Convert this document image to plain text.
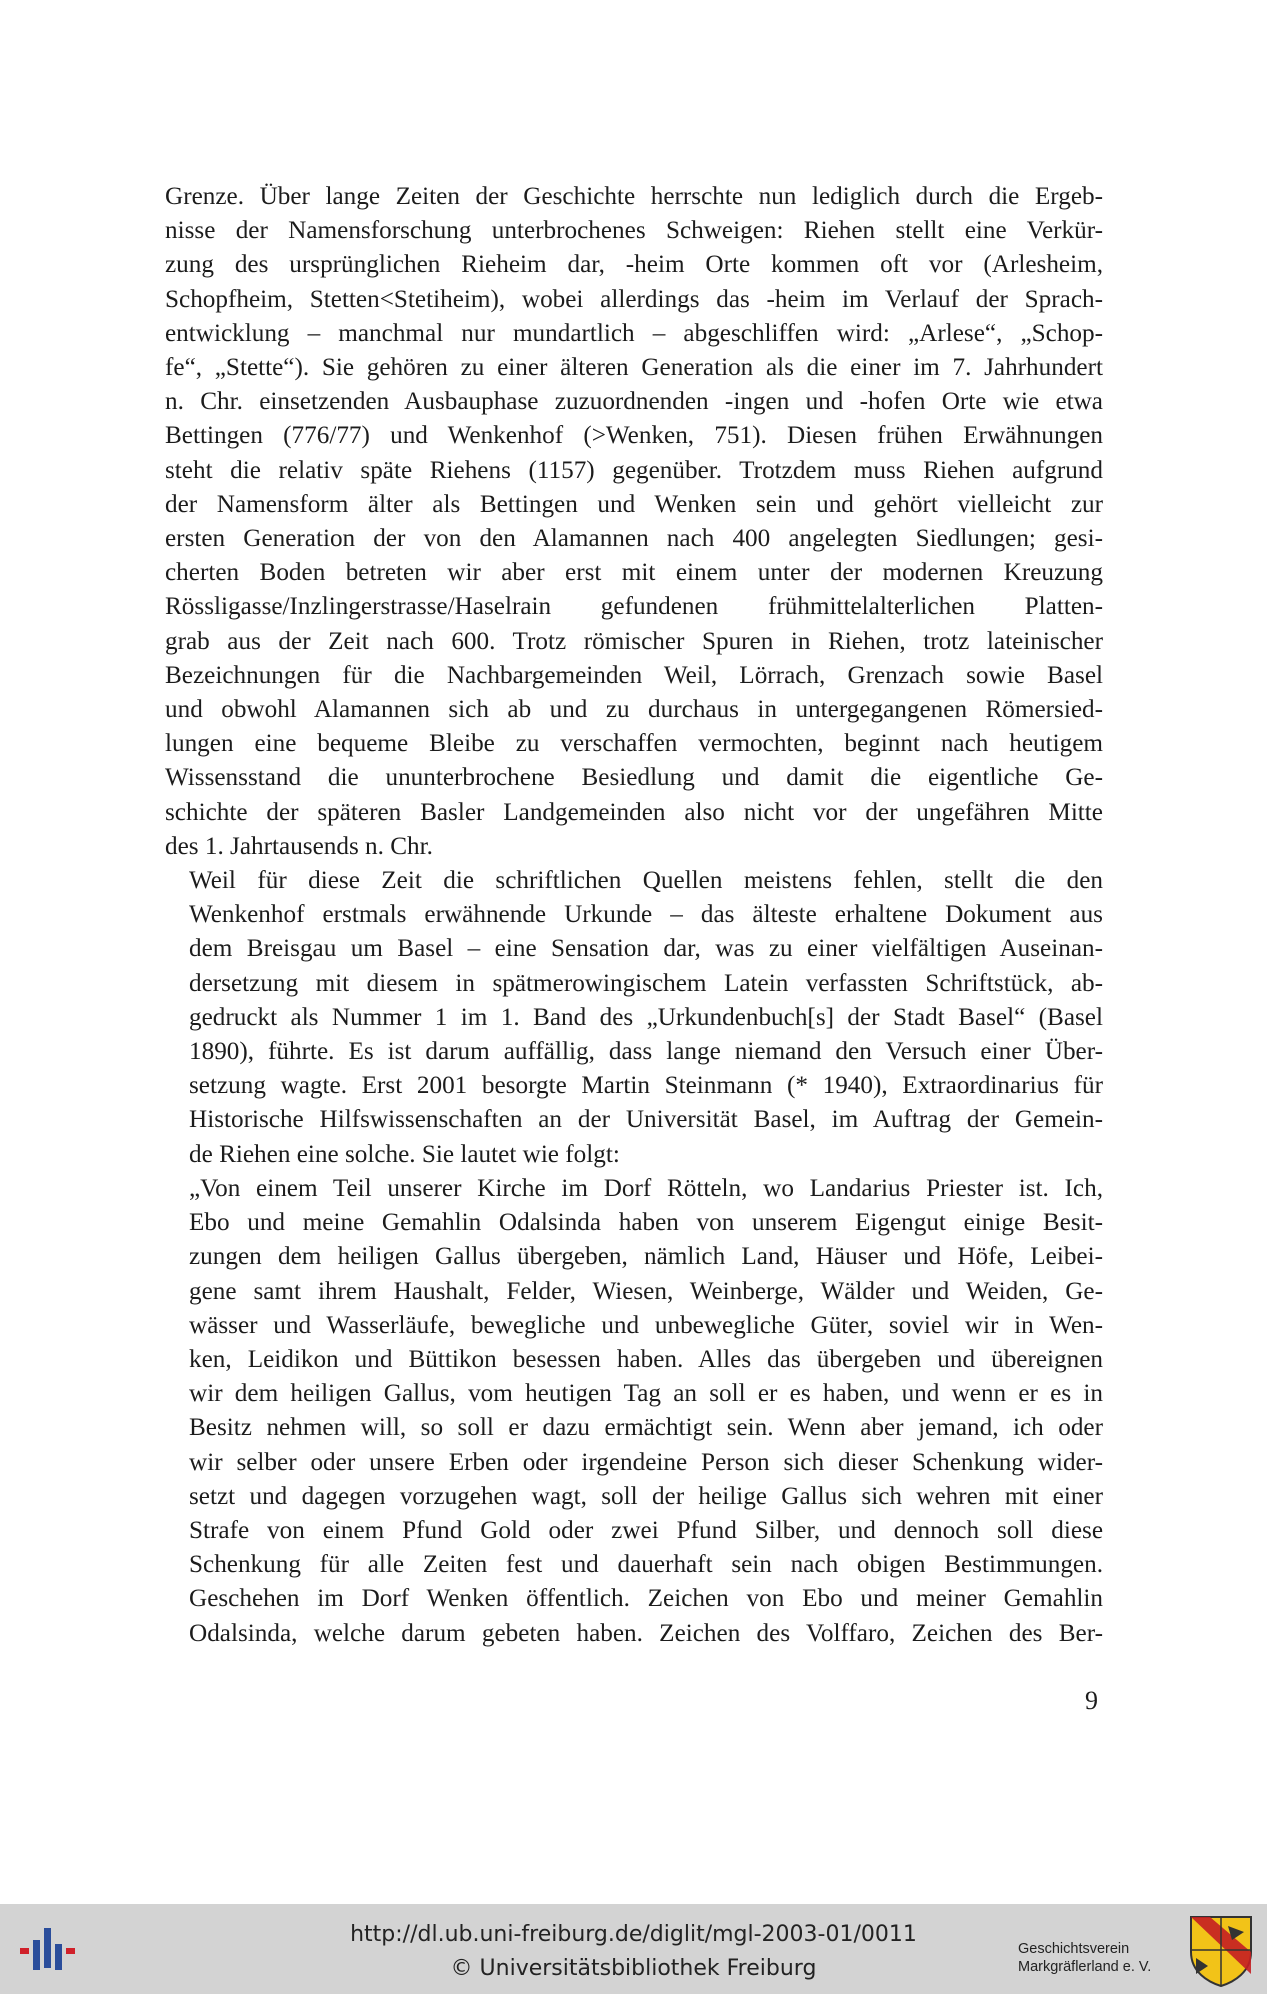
Grenze. Über lange Zeiten der Geschichte herrschte nun lediglich durch die Ergeb-
nisse der Namensforschung unterbrochenes Schweigen: Riehen stellt eine Verkür-
zung des ursprünglichen Rieheim dar, -heim Orte kommen oft vor (Arlesheim,
Schopfheim, Stetten<Stetiheim), wobei allerdings das -heim im Verlauf der Sprach-
entwicklung – manchmal nur mundartlich – abgeschliffen wird: „Arlese“, „Schop-
fe“, „Stette“). Sie gehören zu einer älteren Generation als die einer im 7. Jahrhundert
n. Chr. einsetzenden Ausbauphase zuzuordnenden -ingen und -hofen Orte wie etwa
Bettingen (776/77) und Wenkenhof (>Wenken, 751). Diesen frühen Erwähnungen
steht die relativ späte Riehens (1157) gegenüber. Trotzdem muss Riehen aufgrund
der Namensform älter als Bettingen und Wenken sein und gehört vielleicht zur
ersten Generation der von den Alamannen nach 400 angelegten Siedlungen; gesi-
cherten Boden betreten wir aber erst mit einem unter der modernen Kreuzung
Rössligasse/Inzlingerstrasse/Haselrain gefundenen frühmittelalterlichen Platten-
grab aus der Zeit nach 600. Trotz römischer Spuren in Riehen, trotz lateinischer
Bezeichnungen für die Nachbargemeinden Weil, Lörrach, Grenzach sowie Basel
und obwohl Alamannen sich ab und zu durchaus in untergegangenen Römersied-
lungen eine bequeme Bleibe zu verschaffen vermochten, beginnt nach heutigem
Wissensstand die ununterbrochene Besiedlung und damit die eigentliche Ge-
schichte der späteren Basler Landgemeinden also nicht vor der ungefähren Mitte
des 1. Jahrtausends n. Chr.

Weil für diese Zeit die schriftlichen Quellen meistens fehlen, stellt die den
Wenkenhof erstmals erwähnende Urkunde – das älteste erhaltene Dokument aus
dem Breisgau um Basel – eine Sensation dar, was zu einer vielfältigen Auseinan-
dersetzung mit diesem in spätmerowingischem Latein verfassten Schriftstück, ab-
gedruckt als Nummer 1 im 1. Band des „Urkundenbuch[s] der Stadt Basel“ (Basel
1890), führte. Es ist darum auffällig, dass lange niemand den Versuch einer Über-
setzung wagte. Erst 2001 besorgte Martin Steinmann (* 1940), Extraordinarius für
Historische Hilfswissenschaften an der Universität Basel, im Auftrag der Gemein-
de Riehen eine solche. Sie lautet wie folgt:

„Von einem Teil unserer Kirche im Dorf Rötteln, wo Landarius Priester ist. Ich,
Ebo und meine Gemahlin Odalsinda haben von unserem Eigengut einige Besit-
zungen dem heiligen Gallus übergeben, nämlich Land, Häuser und Höfe, Leibei-
gene samt ihrem Haushalt, Felder, Wiesen, Weinberge, Wälder und Weiden, Ge-
wässer und Wasserläufe, bewegliche und unbewegliche Güter, soviel wir in Wen-
ken, Leidikon und Büttikon besessen haben. Alles das übergeben und übereignen
wir dem heiligen Gallus, vom heutigen Tag an soll er es haben, und wenn er es in
Besitz nehmen will, so soll er dazu ermächtigt sein. Wenn aber jemand, ich oder
wir selber oder unsere Erben oder irgendeine Person sich dieser Schenkung wider-
setzt und dagegen vorzugehen wagt, soll der heilige Gallus sich wehren mit einer
Strafe von einem Pfund Gold oder zwei Pfund Silber, und dennoch soll diese
Schenkung für alle Zeiten fest und dauerhaft sein nach obigen Bestimmungen.
Geschehen im Dorf Wenken öffentlich. Zeichen von Ebo und meiner Gemahlin
Odalsinda, welche darum gebeten haben. Zeichen des Volffaro, Zeichen des Ber-

9
http://dl.ub.uni-freiburg.de/diglit/mgl-2003-01/0011
© Universitätsbibliothek Freiburg
Geschichtsverein
Markgräflerland e. V.
